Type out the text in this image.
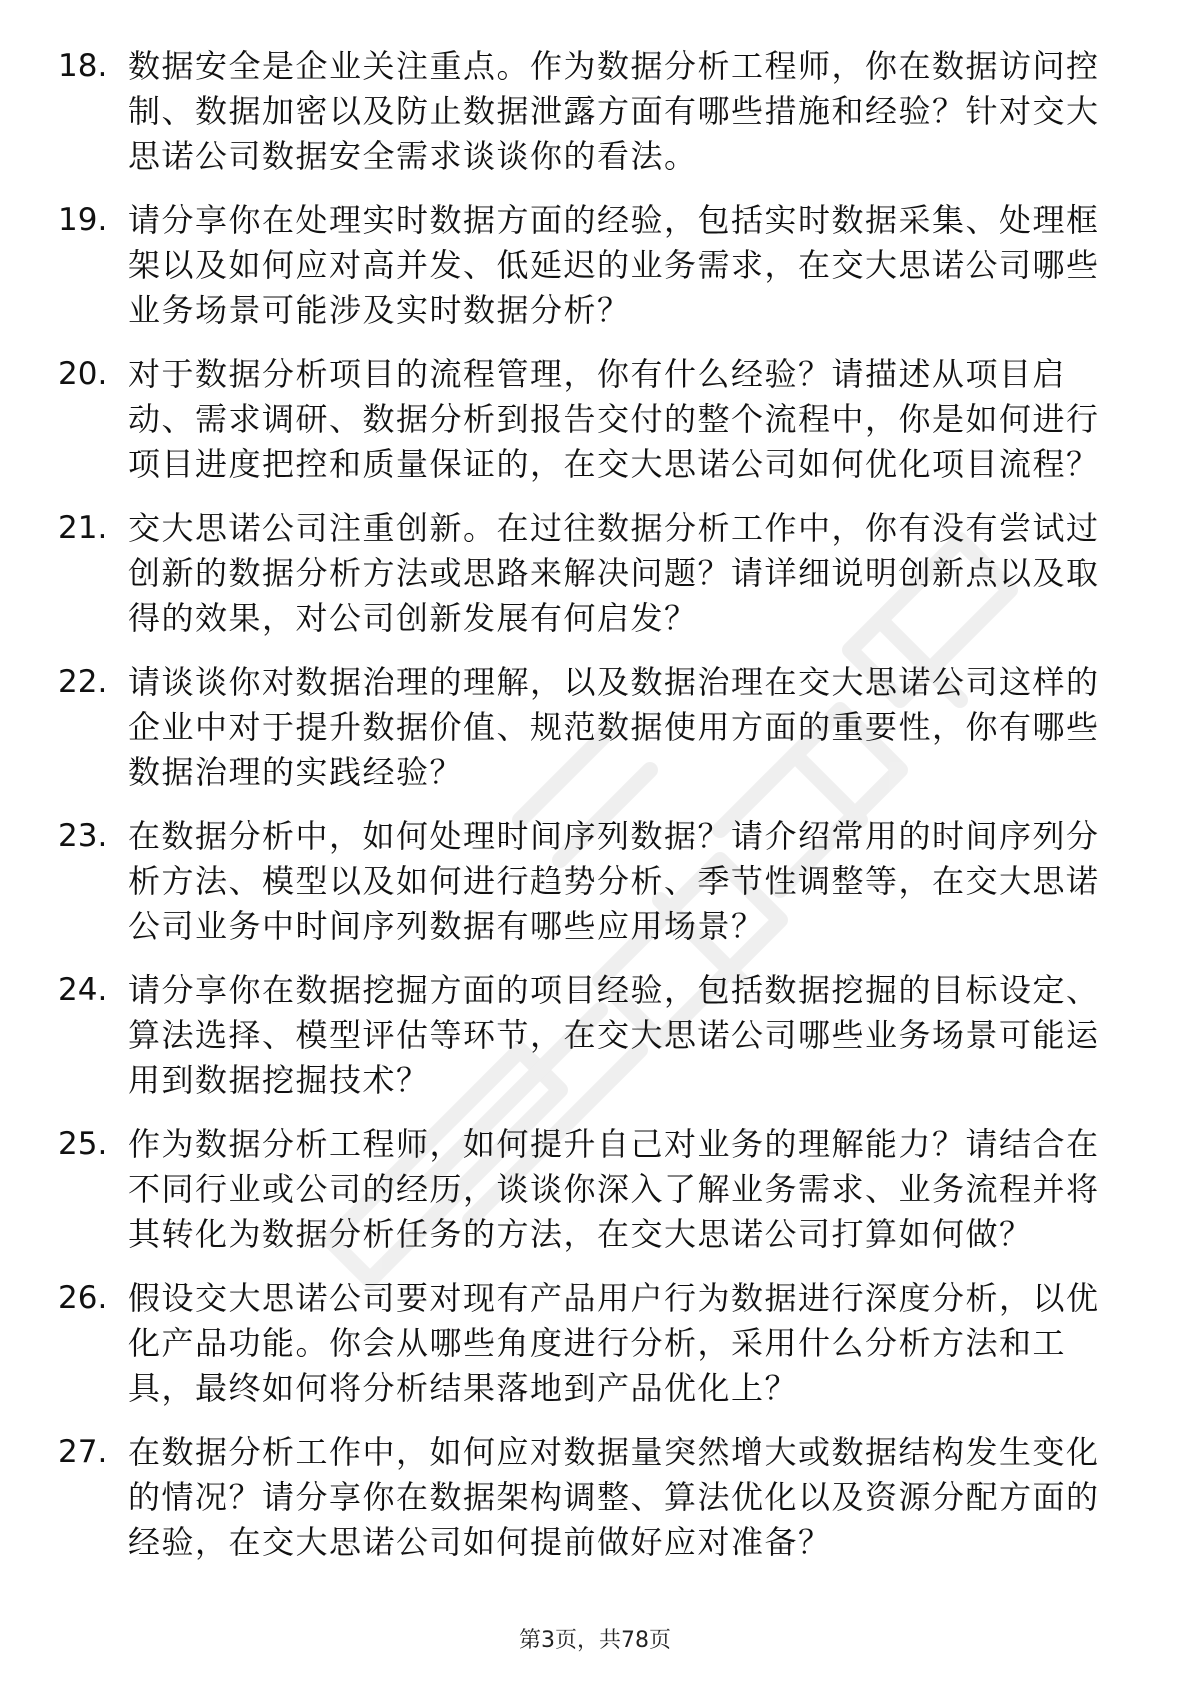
18. 数据安全是企业关注重点。作为数据分析工程师，你在数据访问控制、数据加密以及防止数据泄露方面有哪些措施和经验？针对交大思诺公司数据安全需求谈谈你的看法。
19. 请分享你在处理实时数据方面的经验，包括实时数据采集、处理框架以及如何应对高并发、低延迟的业务需求，在交大思诺公司哪些业务场景可能涉及实时数据分析？
20. 对于数据分析项目的流程管理，你有什么经验？请描述从项目启动、需求调研、数据分析到报告交付的整个流程中，你是如何进行项目进度把控和质量保证的，在交大思诺公司如何优化项目流程？
21. 交大思诺公司注重创新。在过往数据分析工作中，你有没有尝试过创新的数据分析方法或思路来解决问题？请详细说明创新点以及取得的效果，对公司创新发展有何启发？
22. 请谈谈你对数据治理的理解，以及数据治理在交大思诺公司这样的企业中对于提升数据价值、规范数据使用方面的重要性，你有哪些数据治理的实践经验？
23. 在数据分析中，如何处理时间序列数据？请介绍常用的时间序列分析方法、模型以及如何进行趋势分析、季节性调整等，在交大思诺公司业务中时间序列数据有哪些应用场景？
24. 请分享你在数据挖掘方面的项目经验，包括数据挖掘的目标设定、算法选择、模型评估等环节，在交大思诺公司哪些业务场景可能运用到数据挖掘技术？
25. 作为数据分析工程师，如何提升自己对业务的理解能力？请结合在不同行业或公司的经历，谈谈你深入了解业务需求、业务流程并将其转化为数据分析任务的方法，在交大思诺公司打算如何做？
26. 假设交大思诺公司要对现有产品用户行为数据进行深度分析，以优化产品功能。你会从哪些角度进行分析，采用什么分析方法和工具，最终如何将分析结果落地到产品优化上？
27. 在数据分析工作中，如何应对数据量突然增大或数据结构发生变化的情况？请分享你在数据架构调整、算法优化以及资源分配方面的经验，在交大思诺公司如何提前做好应对准备？
第3页，共78页
